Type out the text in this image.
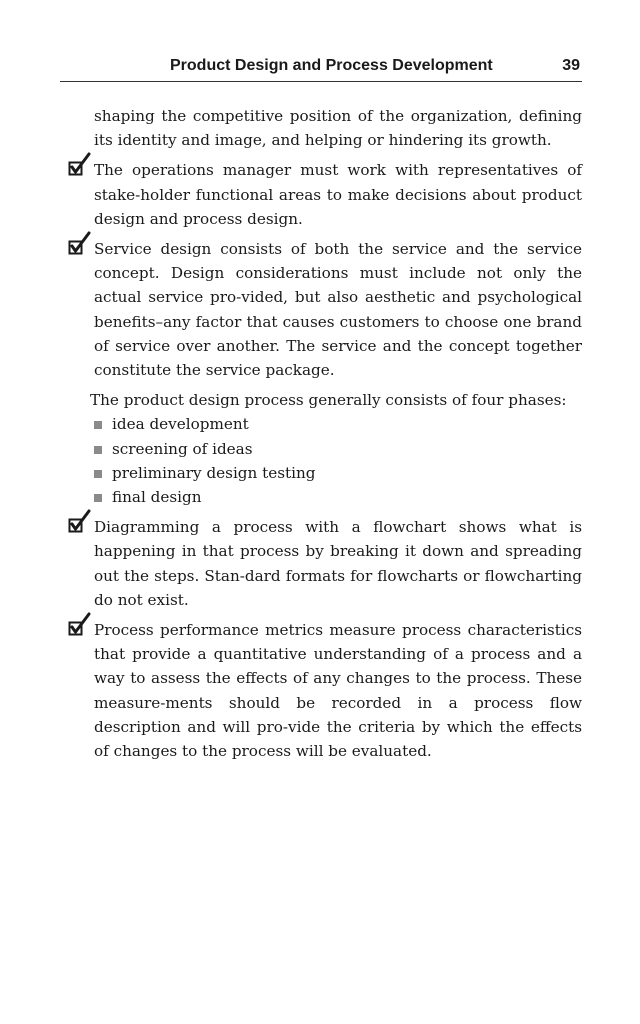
Product Design and Process Development	39

shaping the competitive position of the organization, defining its identity and image, and helping or hindering its growth.

The operations manager must work with representatives of stake-holder functional areas to make decisions about product design and process design.

Service design consists of both the service and the service concept. Design considerations must include not only the actual service pro-vided, but also aesthetic and psychological benefits–any factor that causes customers to choose one brand of service over another. The service and the concept together constitute the service package.

The product design process generally consists of four phases:

idea development
screening of ideas
preliminary design testing
final design

Diagramming a process with a flowchart shows what is happening in that process by breaking it down and spreading out the steps. Stan-dard formats for flowcharts or flowcharting do not exist.

Process performance metrics measure process characteristics that provide a quantitative understanding of a process and a way to assess the effects of any changes to the process. These measure-ments should be recorded in a process flow description and will pro-vide the criteria by which the effects of changes to the process will be evaluated.
